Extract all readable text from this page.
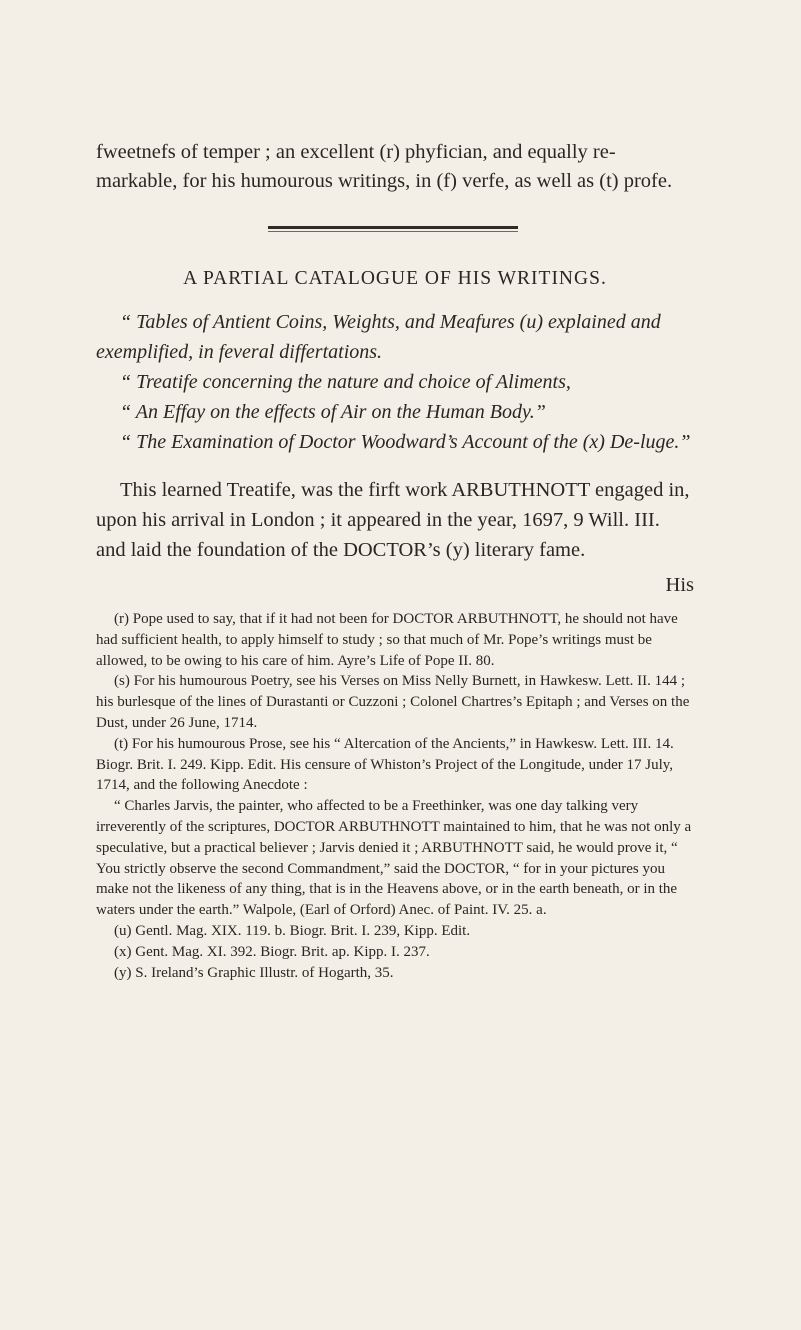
fweetnefs of temper ; an excellent (r) phyfician, and equally re-markable, for his humourous writings, in (f) verfe, as well as (t) profe.

A PARTIAL CATALOGUE OF HIS WRITINGS.

“ Tables of Antient Coins, Weights, and Meafures (u) explained and exemplified, in feveral differtations.

“ Treatife concerning the nature and choice of Aliments,

“ An Effay on the effects of Air on the Human Body.”

“ The Examination of Doctor Woodward’s Account of the (x) De-luge.”

This learned Treatife, was the firft work ARBUTHNOTT engaged in, upon his arrival in London ; it appeared in the year, 1697, 9 Will. III. and laid the foundation of the DOCTOR’s (y) literary fame.

His

(r) Pope used to say, that if it had not been for DOCTOR ARBUTHNOTT, he should not have had sufficient health, to apply himself to study ; so that much of Mr. Pope’s writings must be allowed, to be owing to his care of him. Ayre’s Life of Pope II. 80.

(s) For his humourous Poetry, see his Verses on Miss Nelly Burnett, in Hawkesw. Lett. II. 144 ; his burlesque of the lines of Durastanti or Cuzzoni ; Colonel Chartres’s Epitaph ; and Verses on the Dust, under 26 June, 1714.

(t) For his humourous Prose, see his “ Altercation of the Ancients,” in Hawkesw. Lett. III. 14. Biogr. Brit. I. 249. Kipp. Edit. His censure of Whiston’s Project of the Longitude, under 17 July, 1714, and the following Anecdote :

“ Charles Jarvis, the painter, who affected to be a Freethinker, was one day talking very irreverently of the scriptures, DOCTOR ARBUTHNOTT maintained to him, that he was not only a speculative, but a practical believer ; Jarvis denied it ; ARBUTHNOTT said, he would prove it, “ You strictly observe the second Commandment,” said the DOCTOR, “ for in your pictures you make not the likeness of any thing, that is in the Heavens above, or in the earth beneath, or in the waters under the earth.” Walpole, (Earl of Orford) Anec. of Paint. IV. 25. a.

(u) Gentl. Mag. XIX. 119. b. Biogr. Brit. I. 239, Kipp. Edit.

(x) Gent. Mag. XI. 392. Biogr. Brit. ap. Kipp. I. 237.

(y) S. Ireland’s Graphic Illustr. of Hogarth, 35.
